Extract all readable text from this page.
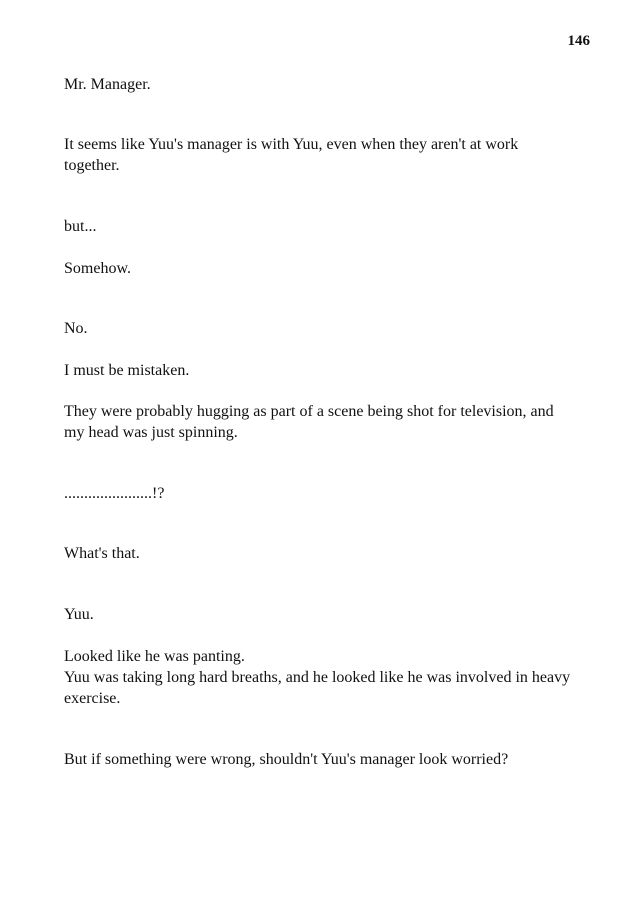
146

Mr. Manager.

It seems like Yuu's manager is with Yuu, even when they aren't at work together.

but...

Somehow.

No.

I must be mistaken.

They were probably hugging as part of a scene being shot for television, and my head was just spinning.

......................!?

What's that.

Yuu.

Looked like he was panting.

Yuu was taking long hard breaths, and he looked like he was involved in heavy exercise.

But if something were wrong, shouldn't Yuu's manager look worried?
